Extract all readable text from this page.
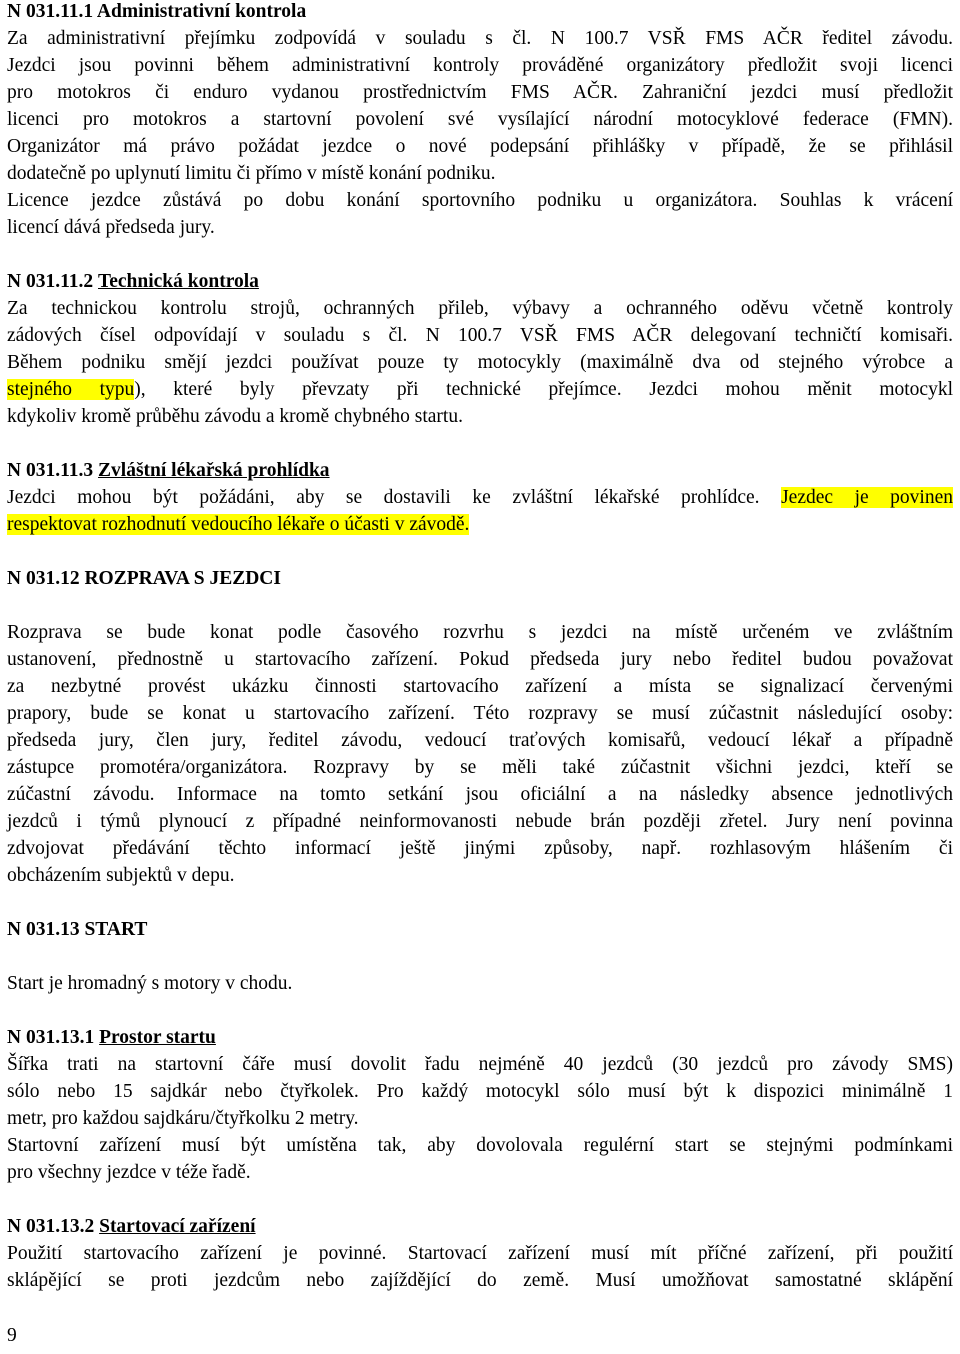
N 031.11.1 Administrativní kontrola
Za administrativní přejímku zodpovídá v souladu s čl. N 100.7 VSŘ FMS AČR ředitel závodu.
Jezdci jsou povinni během administrativní kontroly prováděné organizátory předložit svoji licenci
pro motokros či enduro vydanou prostřednictvím FMS AČR. Zahraniční jezdci musí předložit
licenci pro motokros a startovní povolení své vysílající národní motocyklové federace (FMN).
Organizátor má právo požádat jezdce o nové podepsání přihlášky v případě, že se přihlásil
dodatečně po uplynutí limitu či přímo v místě konání podniku.
Licence jezdce zůstává po dobu konání sportovního podniku u organizátora. Souhlas k vrácení
licencí dává předseda jury.
N 031.11.2 Technická kontrola
Za technickou kontrolu strojů, ochranných přileb, výbavy a ochranného oděvu včetně kontroly
zádových čísel odpovídají v souladu s čl. N 100.7 VSŘ FMS AČR delegovaní techničtí komisaři.
Během podniku smějí jezdci používat pouze ty motocykly (maximálně dva od stejného výrobce a
stejného typu), které byly převzaty při technické přejímce. Jezdci mohou měnit motocykl
kdykoliv kromě průběhu závodu a kromě chybného startu.
N 031.11.3 Zvláštní lékařská prohlídka
Jezdci mohou být požádáni, aby se dostavili ke zvláštní lékařské prohlídce. Jezdec je povinen
respektovat rozhodnutí vedoucího lékaře o účasti v závodě.
N 031.12 ROZPRAVA S JEZDCI
Rozprava se bude konat podle časového rozvrhu s jezdci na místě určeném ve zvláštním
ustanovení, přednostně u startovacího zařízení. Pokud předseda jury nebo ředitel budou považovat
za nezbytné provést ukázku činnosti startovacího zařízení a místa se signalizací červenými
prapory, bude se konat u startovacího zařízení. Této rozpravy se musí zúčastnit následující osoby:
předseda jury, člen jury, ředitel závodu, vedoucí traťových komisařů, vedoucí lékař a případně
zástupce promotéra/organizátora. Rozpravy by se měli také zúčastnit všichni jezdci, kteří se
zúčastní závodu. Informace na tomto setkání jsou oficiální a na následky absence jednotlivých
jezdců i týmů plynoucí z případné neinformovanosti nebude brán později zřetel. Jury není povinna
zdvojovat předávání těchto informací ještě jinými způsoby, např. rozhlasovým hlášením či
obcházením subjektů v depu.
N 031.13 START
Start je hromadný s motory v chodu.
N 031.13.1 Prostor startu
Šířka trati na startovní čáře musí dovolit řadu nejméně 40 jezdců (30 jezdců pro závody SMS)
sólo nebo 15 sajdkár nebo čtyřkolek. Pro každý motocykl sólo musí být k dispozici minimálně 1
metr, pro každou sajdkáru/čtyřkolku 2 metry.
Startovní zařízení musí být umístěna tak, aby dovolovala regulérní start se stejnými podmínkami
pro všechny jezdce v téže řadě.
N 031.13.2 Startovací zařízení
Použití startovacího zařízení je povinné. Startovací zařízení musí mít příčné zařízení, při použití
sklápějící se proti jezdcům nebo zajíždějící do země. Musí umožňovat samostatné sklápění
9
